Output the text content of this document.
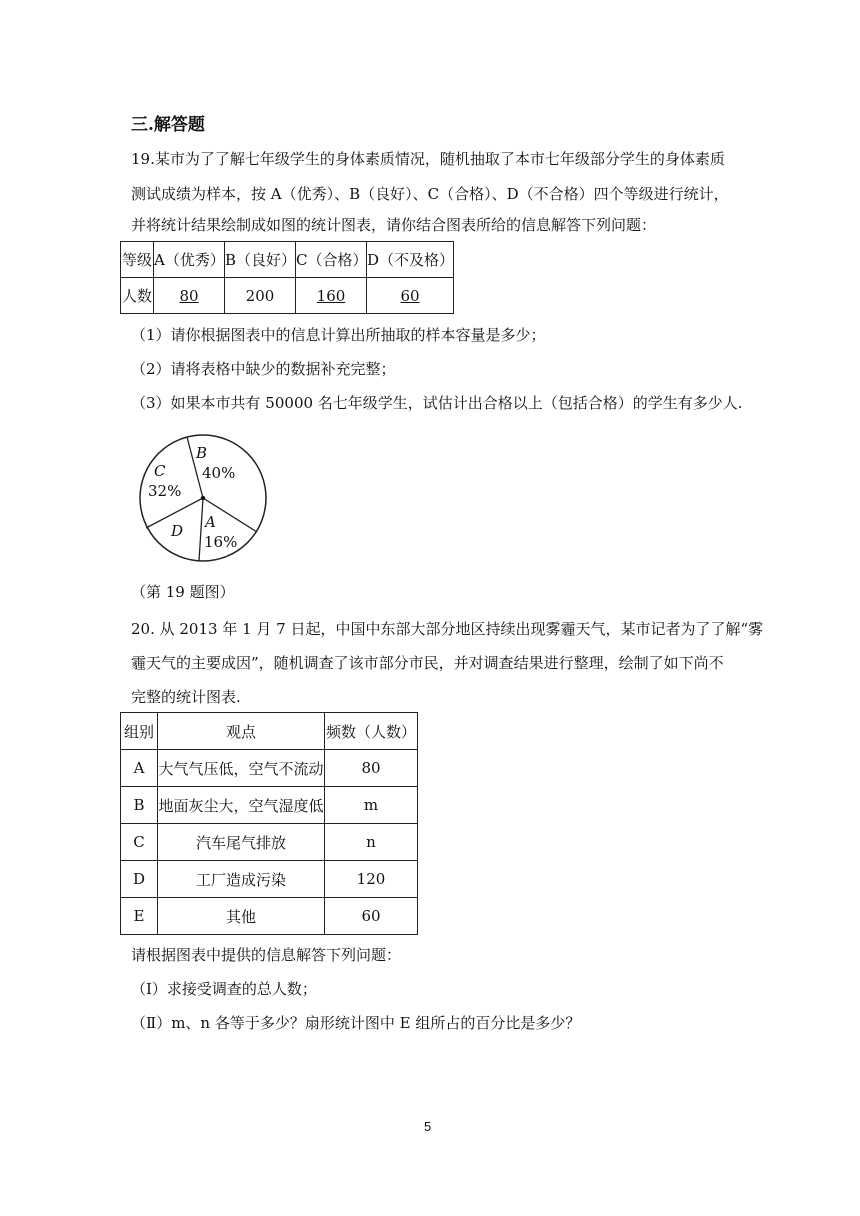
三.解答题
19.某市为了了解七年级学生的身体素质情况，随机抽取了本市七年级部分学生的身体素质
测试成绩为样本，按 A（优秀）、B（良好）、C（合格）、D（不合格）四个等级进行统计，
并将统计结果绘制成如图的统计图表，请你结合图表所给的信息解答下列问题：
等级	A（优秀）	B（良好）	C（合格）	D（不及格）
人数	80	200	160	60
（1）请你根据图表中的信息计算出所抽取的样本容量是多少；
（2）请将表格中缺少的数据补充完整；
（3）如果本市共有 50000 名七年级学生，试估计出合格以上（包括合格）的学生有多少人.
B
40%
C
32%
D A
16%
（第 19 题图）
20. 从 2013 年 1 月 7 日起，中国中东部大部分地区持续出现雾霾天气，某市记者为了了解“雾
霾天气的主要成因”，随机调查了该市部分市民，并对调查结果进行整理，绘制了如下尚不
完整的统计图表.
组别	观点	频数（人数）
A	大气气压低，空气不流动	80
B	地面灰尘大，空气湿度低	m
C	汽车尾气排放	n
D	工厂造成污染	120
E	其他	60
请根据图表中提供的信息解答下列问题：
（Ⅰ）求接受调查的总人数；
（Ⅱ）m、n 各等于多少？扇形统计图中 E 组所占的百分比是多少？
5
